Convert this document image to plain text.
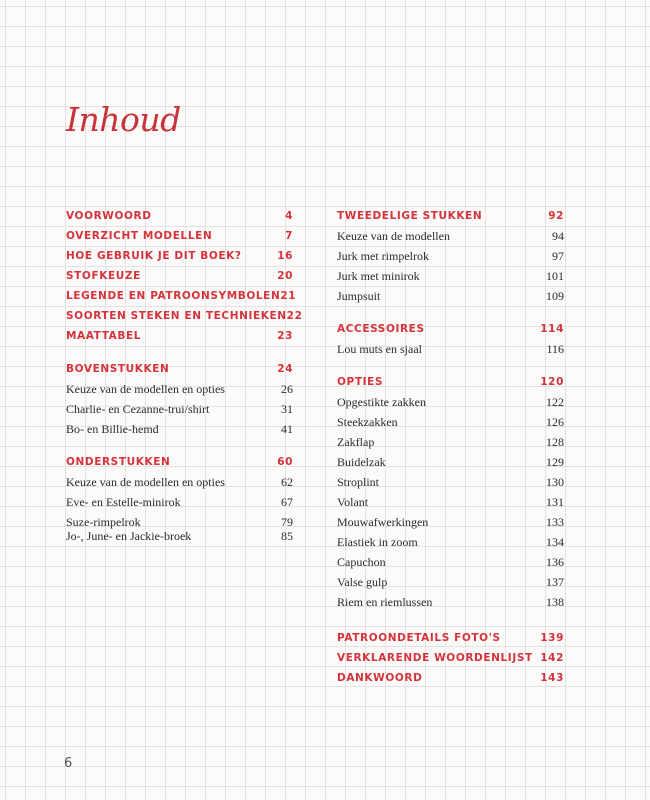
Inhoud
VOORWOORD	4
OVERZICHT MODELLEN	7
HOE GEBRUIK JE DIT BOEK?	16
STOFKEUZE	20
LEGENDE EN PATROONSYMBOLEN 21
SOORTEN STEKEN EN TECHNIEKEN 22
MAATTABEL	23
BOVENSTUKKEN	24
Keuze van de modellen en opties	26
Charlie- en Cezanne-trui/shirt	31
Bo- en Billie-hemd	41
ONDERSTUKKEN	60
Keuze van de modellen en opties	62
Eve- en Estelle-minirok	67
Suze-rimpelrok	79
Jo-, June- en Jackie-broek	85
TWEEDELIGE STUKKEN	92
Keuze van de modellen	94
Jurk met rimpelrok	97
Jurk met minirok	101
Jumpsuit	109
ACCESSOIRES	114
Lou muts en sjaal	116
OPTIES	120
Opgestikte zakken	122
Steekzakken	126
Zakflap	128
Buidelzak	129
Stroplint	130
Volant	131
Mouwafwerkingen	133
Elastiek in zoom	134
Capuchon	136
Valse gulp	137
Riem en riemlussen	138
PATROONDETAILS FOTO'S	139
VERKLARENDE WOORDENLIJST 142
DANKWOORD	143
6
